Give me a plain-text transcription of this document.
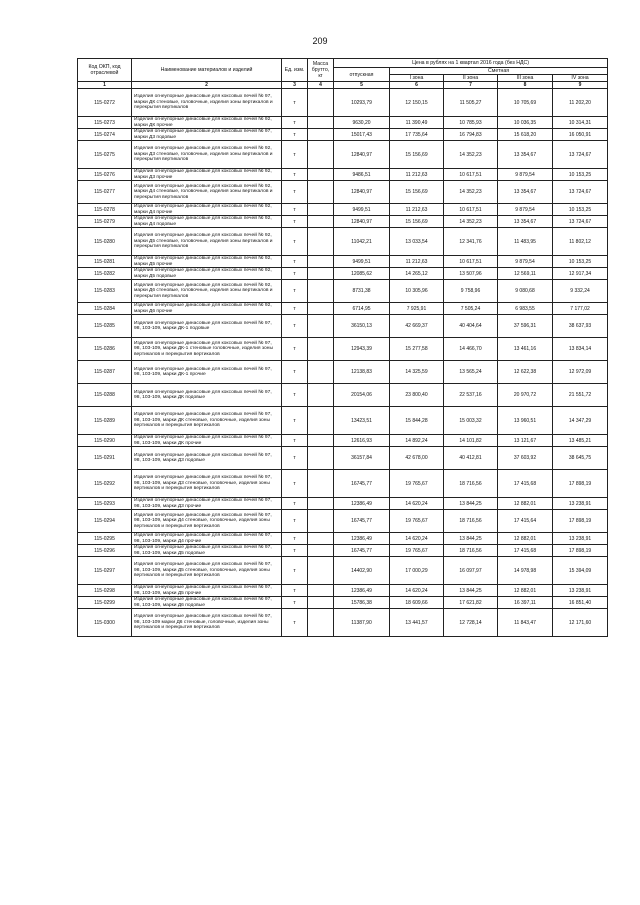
209
Код ОКП, код отраслевой	Наименование материалов и изделий	Ед. изм.	Масса брутто, кг	Цена в рублях на 1 квартал 2016 года (без НДС)				
				отпускная	Сметная			
					I зона	II зона	III зона	IV зона
1	2	3	4	5	6	7	8	9
115-0272	Изделия огнеупорные динасовые для коксовых печей № 97, марки ДК стеновые, головочные, изделия зоны вертикалов и перекрытия вертикалов	т		10293,79	12 150,15	11 505,27	10 705,69	11 202,20
115-0273	Изделия огнеупорные динасовые для коксовых печей № 92, марки ДК прочие	т		9630,20	11 390,49	10 785,93	10 036,35	10 314,31
115-0274	Изделия огнеупорные динасовые для коксовых печей № 97, марки Д3 подовые	т		15017,43	17 735,64	16 794,83	15 618,20	16 050,91
115-0275	Изделия огнеупорные динасовые для коксовых печей № 92, марки Д3 стеновые, головочные, изделия зоны вертикалов и перекрытия вертикалов	т		12840,97	15 156,69	14 352,23	13 354,67	13 724,67
115-0276	Изделия огнеупорные динасовые для коксовых печей № 92, марки Д3 прочие	т		9486,51	11 212,63	10 617,51	9 879,54	10 153,25
115-0277	Изделия огнеупорные динасовые для коксовых печей № 92, марки Д4 стеновые, головочные, изделия зоны вертикалов и перекрытия вертикалов	т		12840,97	15 156,69	14 352,23	13 354,67	13 724,67
115-0278	Изделия огнеупорные динасовые для коксовых печей № 92, марки Д4 прочие	т		9499,51	11 212,63	10 617,51	9 879,54	10 153,25
115-0279	Изделия огнеупорные динасовые для коксовых печей № 92, марки Д4 подовые	т		12840,97	15 156,69	14 352,23	13 354,67	13 724,67
115-0280	Изделия огнеупорные динасовые для коксовых печей № 92, марки Д5 стеновые, головочные, изделия зоны вертикалов и перекрытия вертикалов	т		11042,21	13 033,54	12 341,76	11 483,95	11 802,12
115-0281	Изделия огнеупорные динасовые для коксовых печей № 92, марки Д5 прочие	т		9499,51	11 212,63	10 617,51	9 879,54	10 153,25
115-0282	Изделия огнеупорные динасовые для коксовых печей № 92, марки Д5 подовые	т		12085,62	14 265,12	13 507,96	12 569,11	12 917,34
115-0283	Изделия огнеупорные динасовые для коксовых печей № 92, марки Д6 стеновые, головочные, изделия зоны вертикалов и перекрытия вертикалов	т		8731,38	10 305,96	9 758,96	9 080,68	9 332,24
115-0284	Изделия огнеупорные динасовые для коксовых печей № 92, марки Д6 прочие	т		6714,95	7 925,91	7 505,24	6 983,55	7 177,02
115-0285	Изделия огнеупорные динасовые для коксовых печей № 97, 98, 103-109, марки ДК-1 подовые	т		36150,13	42 669,37	40 404,64	37 596,31	38 637,93
115-0286	Изделия огнеупорные динасовые для коксовых печей № 97, 98, 103-109, марки ДК-1 стеновые головочные, изделия зоны вертикалов и перекрытия вертикалов	т		12943,39	15 277,58	14 466,70	13 461,16	13 834,14
115-0287	Изделия огнеупорные динасовые для коксовых печей № 97, 98, 103-109, марки ДК-1 прочие	т		12138,83	14 325,59	13 565,24	12 622,38	12 972,09
115-0288	Изделия огнеупорные динасовые для коксовых печей № 97, 98, 103-109, марки ДК подовые	т		20154,06	23 800,40	22 537,16	20 970,72	21 551,72
115-0289	Изделия огнеупорные динасовые для коксовых печей № 97, 98, 103-109, марки ДК стеновые, головочные, изделия зоны вертикалов и перекрытия вертикалов	т		13423,51	15 844,28	15 003,32	13 960,51	14 347,29
115-0290	Изделия огнеупорные динасовые для коксовых печей № 97, 98, 103-109, марки ДК прочие	т		12616,93	14 892,24	14 101,82	13 121,67	13 485,21
115-0291	Изделия огнеупорные динасовые для коксовых печей № 97, 98, 103-109, марки Д3 подовые	т		36157,84	42 678,00	40 412,81	37 603,92	38 645,75
115-0292	Изделия огнеупорные динасовые для коксовых печей № 97, 98, 103-109, марки Д3 стеновые, головочные, изделия зоны вертикалов и перекрытия вертикалов	т		16745,77	19 765,67	18 716,56	17 415,68	17 898,19
115-0293	Изделия огнеупорные динасовые для коксовых печей № 97, 98, 103-109, марки Д3 прочие	т		12386,49	14 620,24	13 844,25	12 882,01	13 238,91
115-0294	Изделия огнеупорные динасовые для коксовых печей № 97, 98, 103-109, марки Д4 стеновые, головочные, изделия зоны вертикалов и перекрытия вертикалов	т		16745,77	19 765,67	18 716,56	17 415,64	17 898,19
115-0295	Изделия огнеупорные динасовые для коксовых печей № 97, 98, 103-109, марки Д4 прочие	т		12386,49	14 620,24	13 844,25	12 882,01	13 238,91
115-0296	Изделия огнеупорные динасовые для коксовых печей № 97, 98, 103-109, марки Д5 подовые	т		16745,77	19 765,67	18 716,56	17 415,68	17 898,19
115-0297	Изделия огнеупорные динасовые для коксовых печей № 97, 98, 103-109, марки Д5 стеновые, головочные, изделия зоны вертикалов и перекрытия вертикалов	т		14402,90	17 000,29	16 097,97	14 978,98	15 394,09
115-0298	Изделия огнеупорные динасовые для коксовых печей № 97, 98, 103-109, марки Д5 прочие	т		12386,49	14 620,24	13 844,25	12 882,01	13 238,91
115-0299	Изделия огнеупорные динасовые для коксовых печей № 97, 98, 103-109, марки Д6 подовые	т		15786,38	18 609,66	17 621,82	16 397,11	16 851,40
115-0300	Изделия огнеупорные динасовые для коксовых печей № 97, 98, 103-109 марки Д6 стеновые, головочные, изделия зоны вертикалов и перекрытия вертикалов	т		11387,90	13 441,57	12 728,14	11 843,47	12 171,60
